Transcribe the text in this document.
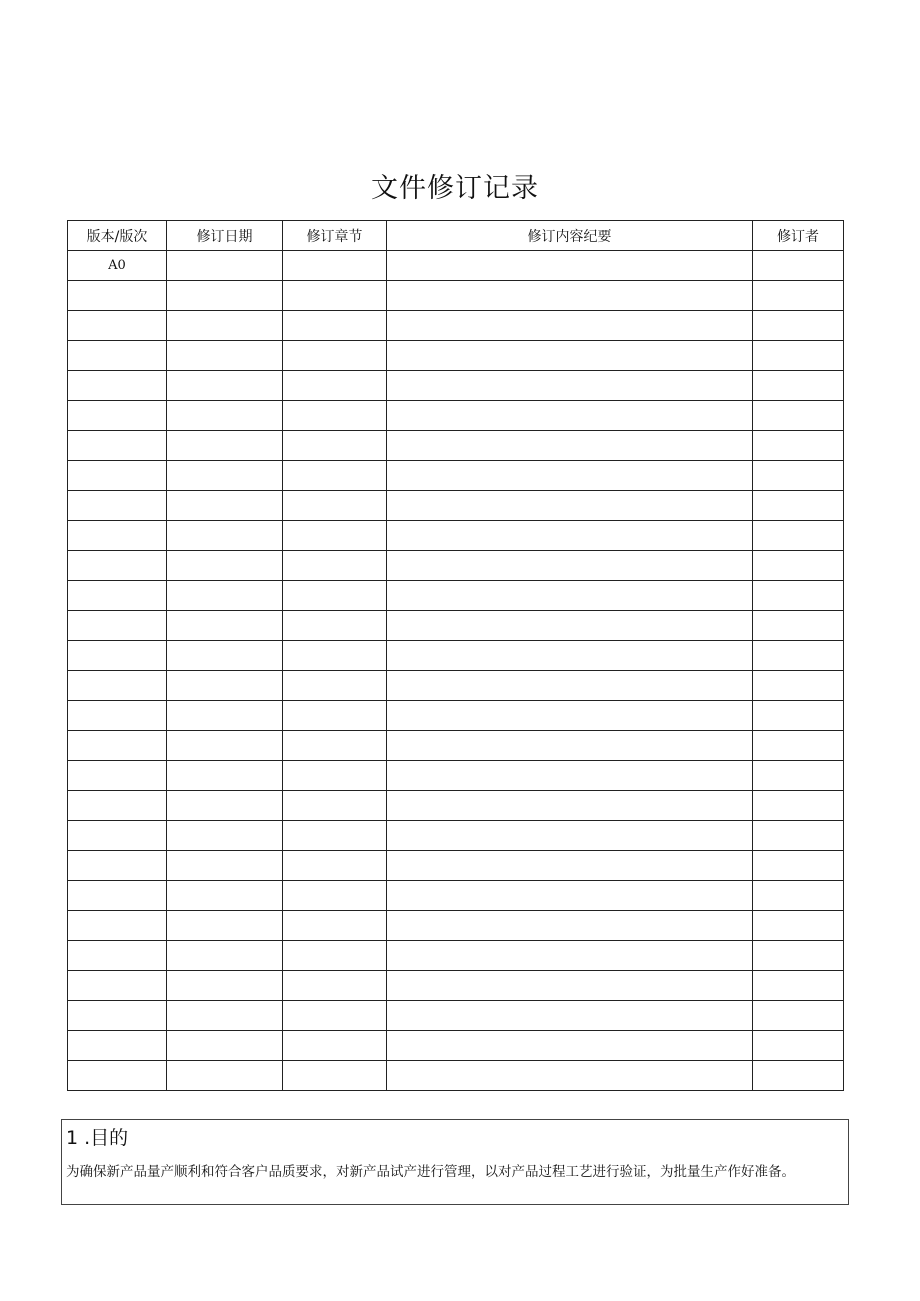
文件修订记录
版本/版次	修订日期	修订章节	修订内容纪要	修订者
A0				

1 .目的
为确保新产品量产顺利和符合客户品质要求，对新产品试产进行管理，以对产品过程工艺进行验证，为批量生产作好准备。
